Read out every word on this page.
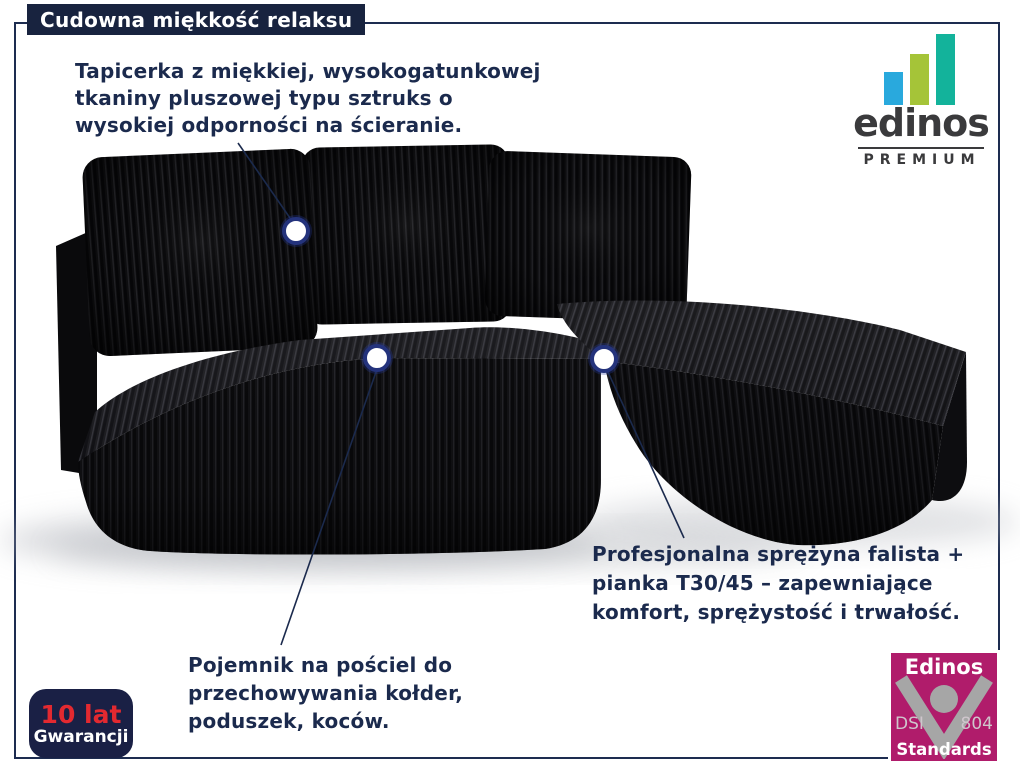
Cudowna miękkość relaksu
Tapicerka z miękkiej, wysokogatunkowej
tkaniny pluszowej typu sztruks o
wysokiej odporności na ścieranie.
Profesjonalna sprężyna falista +
pianka T30/45 – zapewniające
komfort, sprężystość i trwałość.
Pojemnik na pościel do
przechowywania kołder,
poduszek, koców.
edinos
PREMIUM
10 lat
Gwarancji
Edinos
DSI 804
Standards
